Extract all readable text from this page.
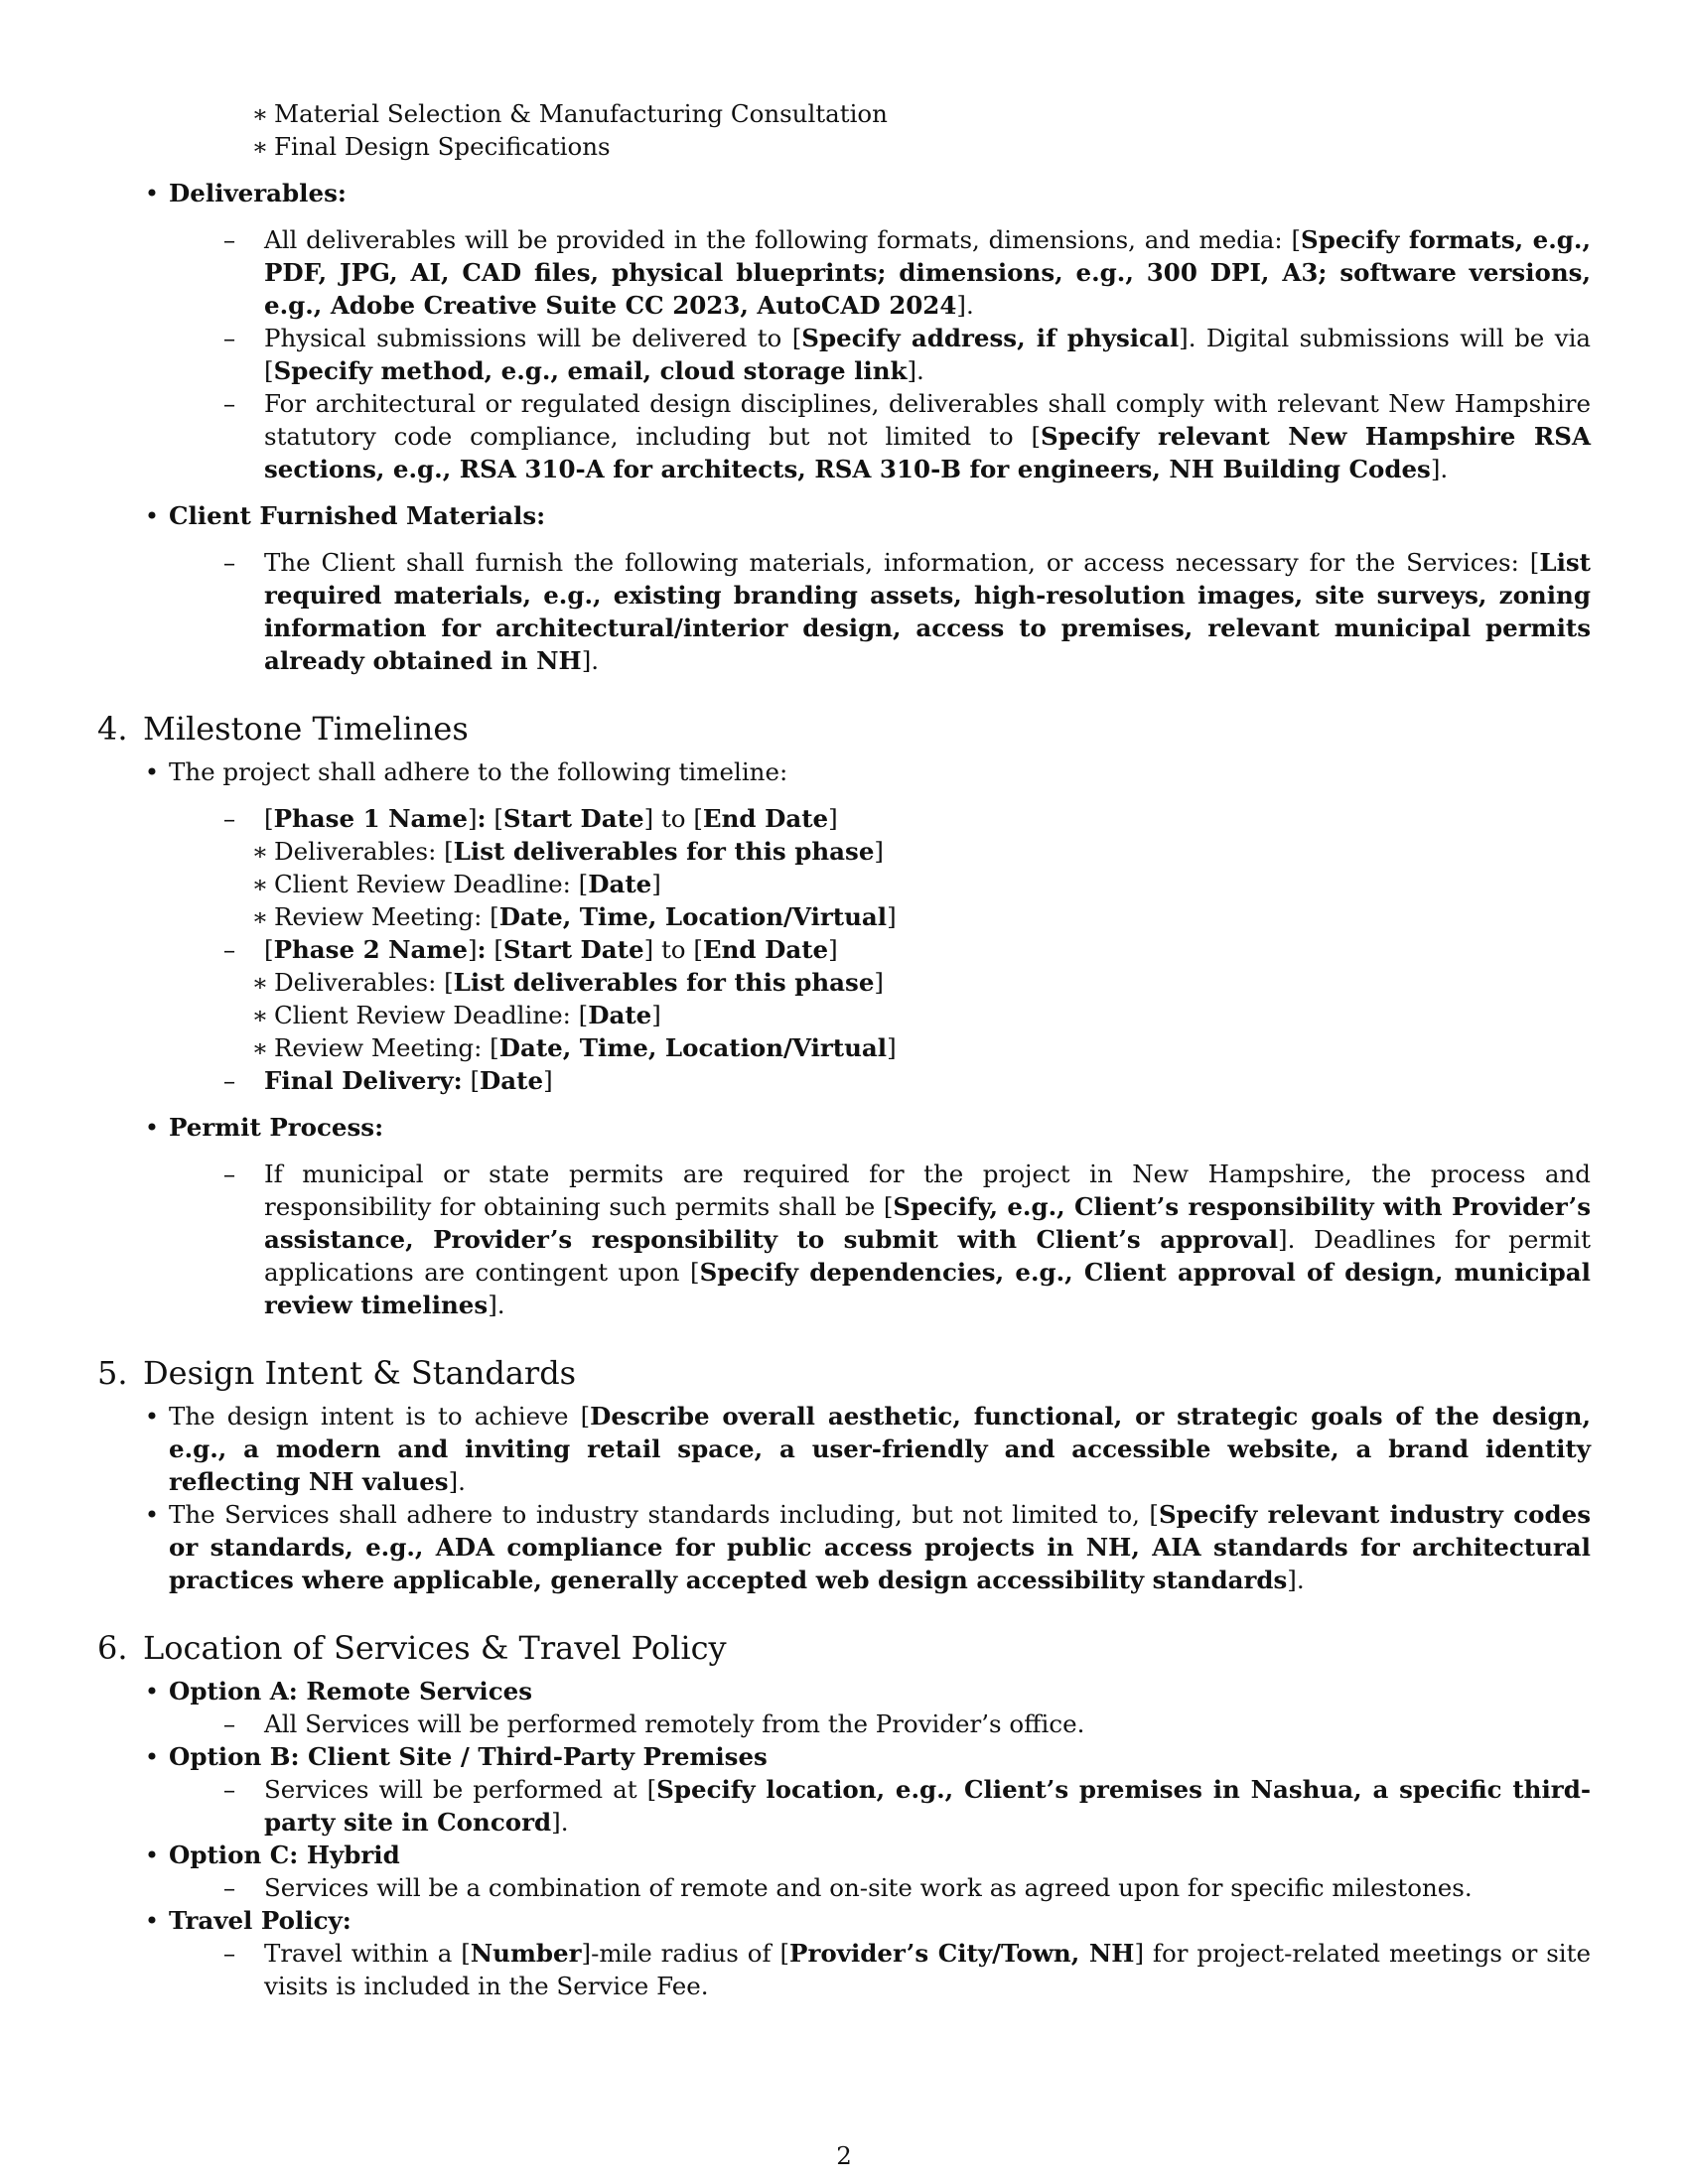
∗ Material Selection & Manufacturing Consultation
∗ Final Design Specifications
• Deliverables:
–	All deliverables will be provided in the following formats, dimensions, and media: [Specify formats, e.g., PDF, JPG, AI, CAD files, physical blueprints; dimensions, e.g., 300 DPI, A3; software versions, e.g., Adobe Creative Suite CC 2023, AutoCAD 2024].
–	Physical submissions will be delivered to [Specify address, if physical]. Digital submissions will be via [Specify method, e.g., email, cloud storage link].
–	For architectural or regulated design disciplines, deliverables shall comply with relevant New Hampshire statutory code compliance, including but not limited to [Specify relevant New Hampshire RSA sections, e.g., RSA 310-A for architects, RSA 310-B for engineers, NH Building Codes].
• Client Furnished Materials:
–	The Client shall furnish the following materials, information, or access necessary for the Services: [List required materials, e.g., existing branding assets, high-resolution images, site surveys, zoning information for architectural/interior design, access to premises, relevant municipal permits already obtained in NH].
4. Milestone Timelines
• The project shall adhere to the following timeline:
–	[Phase 1 Name]: [Start Date] to [End Date]
∗ Deliverables: [List deliverables for this phase]
∗ Client Review Deadline: [Date]
∗ Review Meeting: [Date, Time, Location/Virtual]
–	[Phase 2 Name]: [Start Date] to [End Date]
∗ Deliverables: [List deliverables for this phase]
∗ Client Review Deadline: [Date]
∗ Review Meeting: [Date, Time, Location/Virtual]
–	Final Delivery: [Date]
• Permit Process:
–	If municipal or state permits are required for the project in New Hampshire, the process and responsibility for obtaining such permits shall be [Specify, e.g., Client’s responsibility with Provider’s assistance, Provider’s responsibility to submit with Client’s approval]. Deadlines for permit applications are contingent upon [Specify dependencies, e.g., Client approval of design, municipal review timelines].
5. Design Intent & Standards
• The design intent is to achieve [Describe overall aesthetic, functional, or strategic goals of the design, e.g., a modern and inviting retail space, a user-friendly and accessible website, a brand identity reflecting NH values].
• The Services shall adhere to industry standards including, but not limited to, [Specify relevant industry codes or standards, e.g., ADA compliance for public access projects in NH, AIA standards for architectural practices where applicable, generally accepted web design accessibility standards].
6. Location of Services & Travel Policy
• Option A: Remote Services
–	All Services will be performed remotely from the Provider’s office.
• Option B: Client Site / Third-Party Premises
–	Services will be performed at [Specify location, e.g., Client’s premises in Nashua, a specific third-party site in Concord].
• Option C: Hybrid
–	Services will be a combination of remote and on-site work as agreed upon for specific milestones.
• Travel Policy:
–	Travel within a [Number]-mile radius of [Provider’s City/Town, NH] for project-related meetings or site visits is included in the Service Fee.
2
